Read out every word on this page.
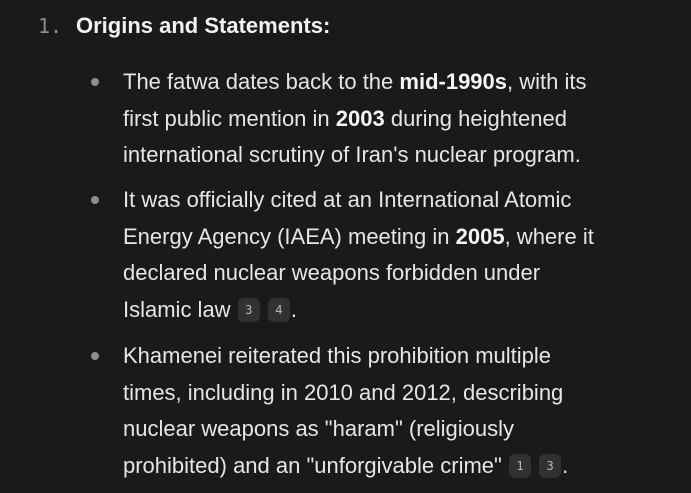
1. Origins and Statements:
The fatwa dates back to the mid-1990s, with its
first public mention in 2003 during heightened
international scrutiny of Iran's nuclear program.
It was officially cited at an International Atomic
Energy Agency (IAEA) meeting in 2005, where it
declared nuclear weapons forbidden under
Islamic law 3 4 .
Khamenei reiterated this prohibition multiple
times, including in 2010 and 2012, describing
nuclear weapons as "haram" (religiously
prohibited) and an "unforgivable crime" 1 3 .
